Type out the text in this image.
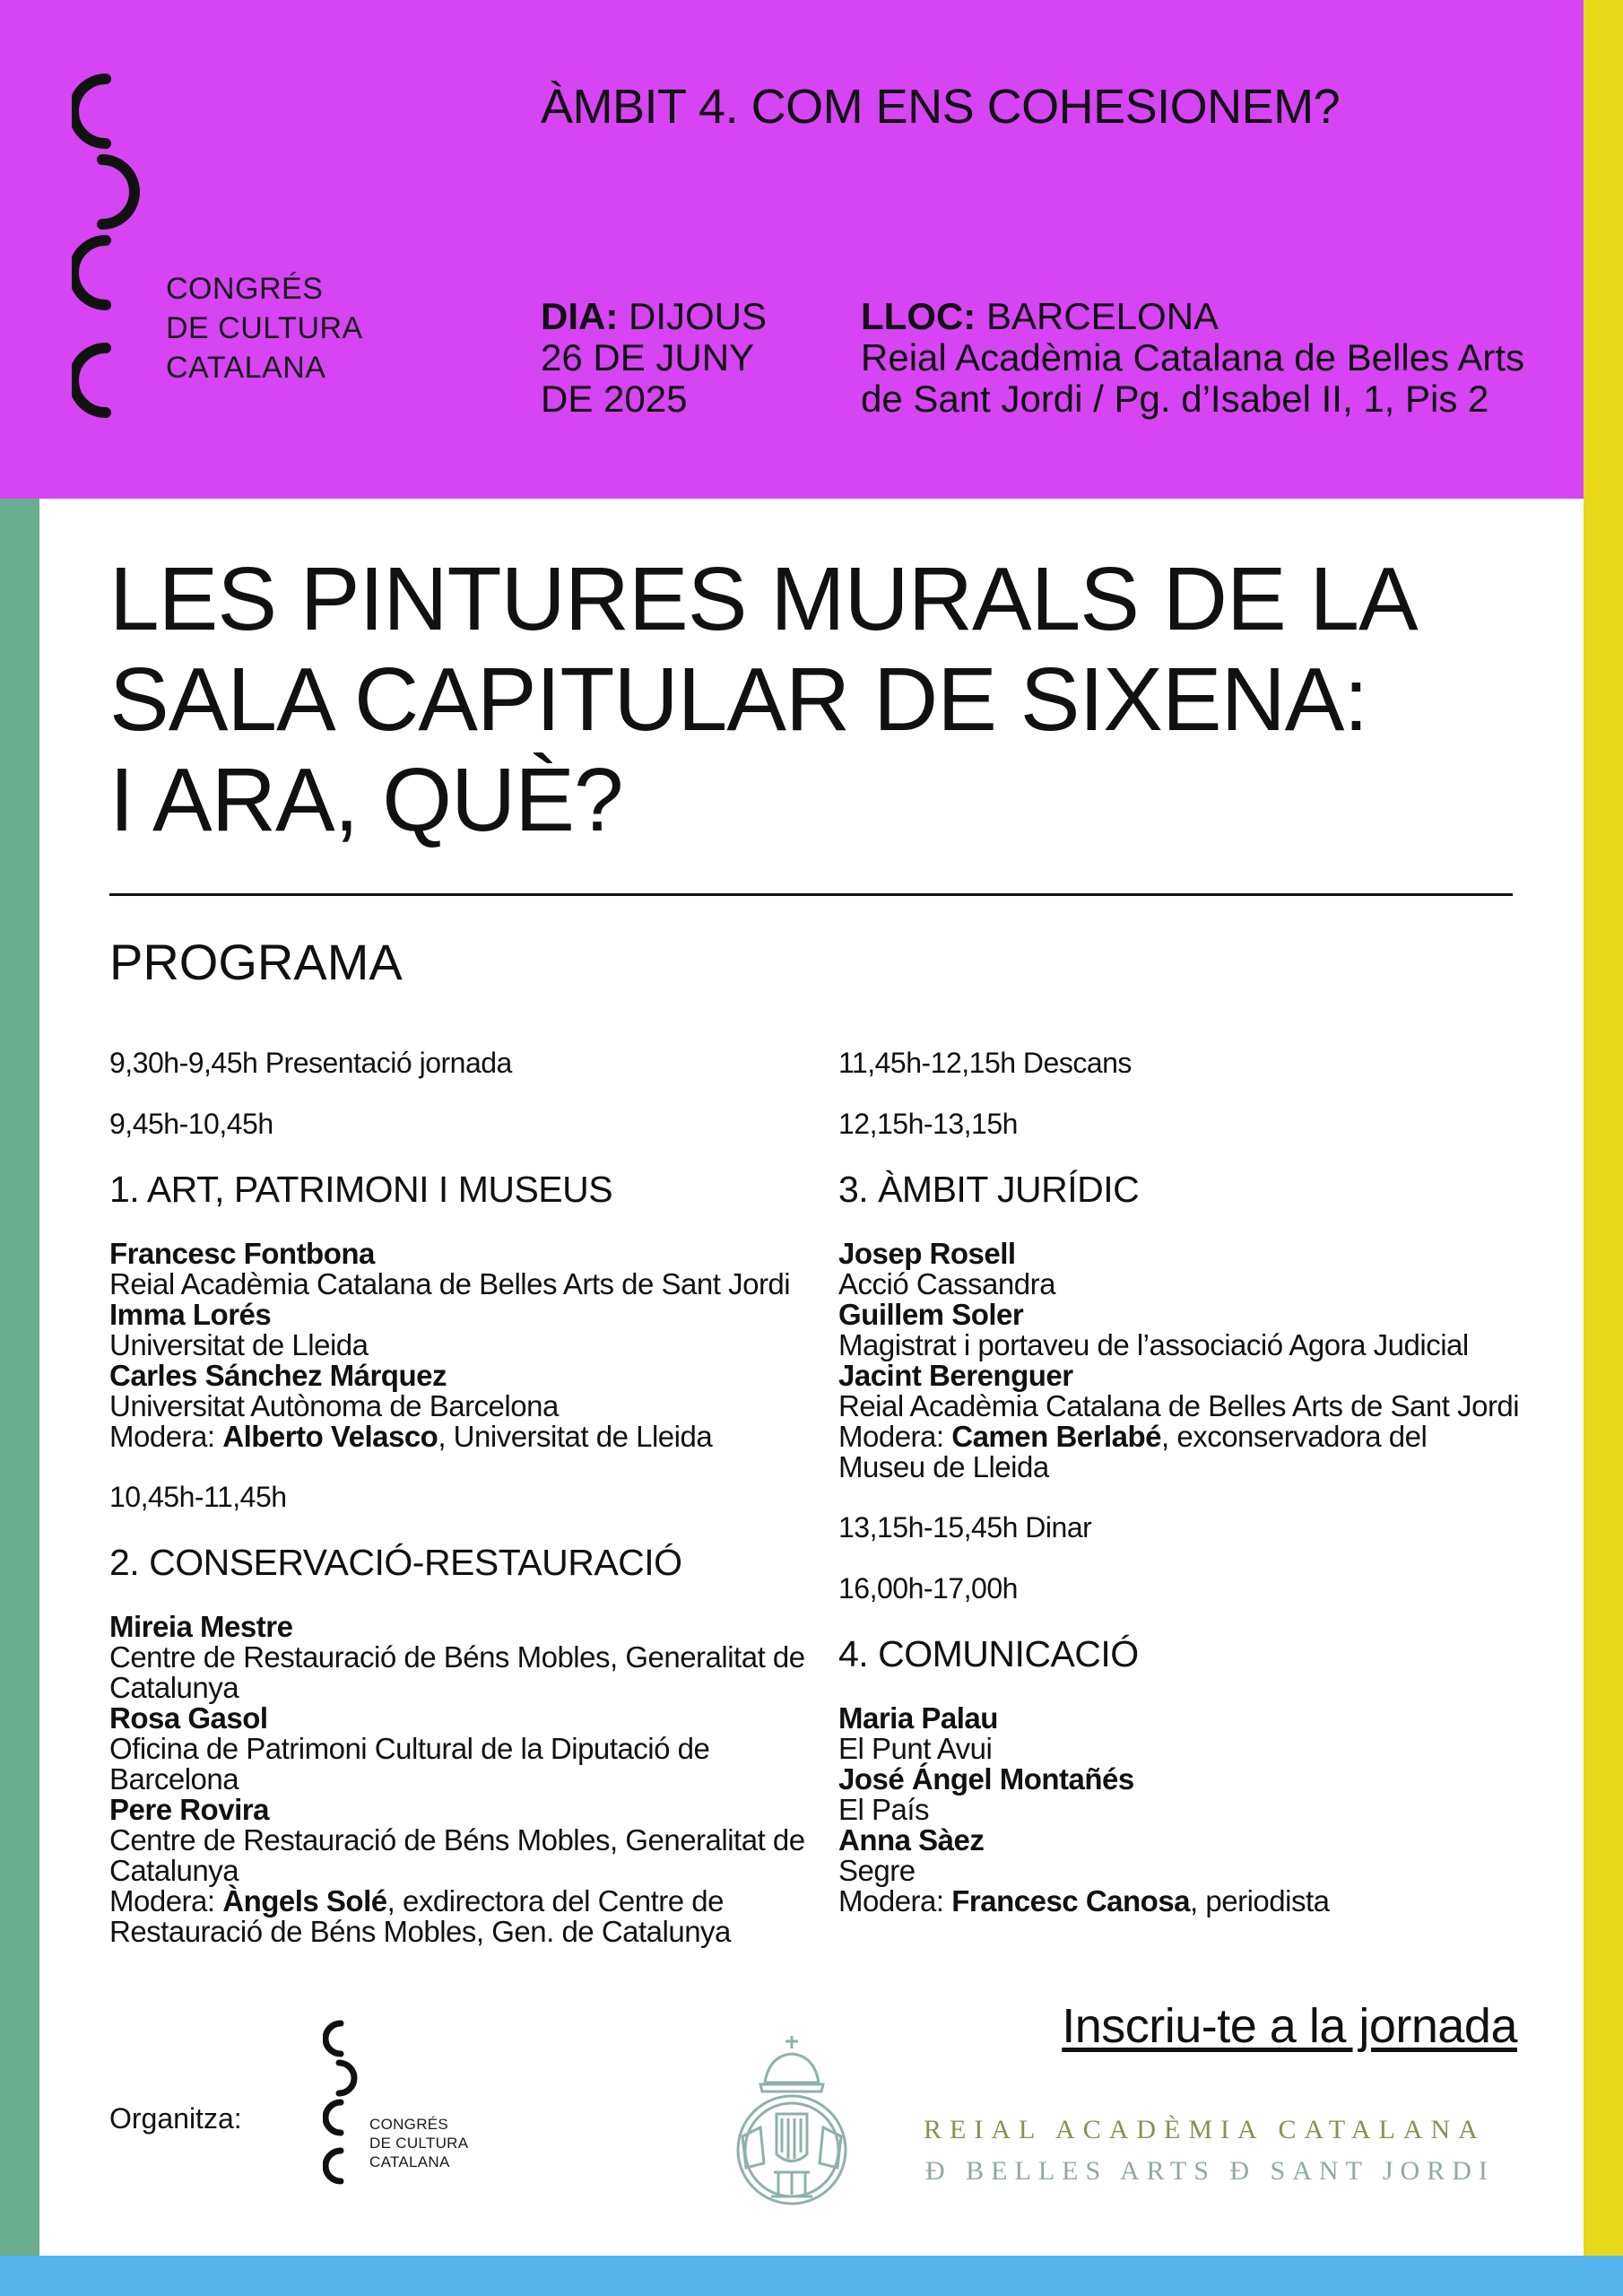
CONGRÉS
DE CULTURA
CATALANA
ÀMBIT 4. COM ENS COHESIONEM?
DIA: DIJOUS
26 DE JUNY
DE 2025
LLOC: BARCELONA
Reial Acadèmia Catalana de Belles Arts
de Sant Jordi / Pg. d’Isabel II, 1, Pis 2
LES PINTURES MURALS DE LA
SALA CAPITULAR DE SIXENA:
I ARA, QUÈ?
PROGRAMA
9,30h-9,45h Presentació jornada
9,45h-10,45h
1. ART, PATRIMONI I MUSEUS
Francesc Fontbona
Reial Acadèmia Catalana de Belles Arts de Sant Jordi
Imma Lorés
Universitat de Lleida
Carles Sánchez Márquez
Universitat Autònoma de Barcelona
Modera: Alberto Velasco, Universitat de Lleida
10,45h-11,45h
2. CONSERVACIÓ-RESTAURACIÓ
Mireia Mestre
Centre de Restauració de Béns Mobles, Generalitat de Catalunya
Rosa Gasol
Oficina de Patrimoni Cultural de la Diputació de Barcelona
Pere Rovira
Centre de Restauració de Béns Mobles, Generalitat de Catalunya
Modera: Àngels Solé, exdirectora del Centre de Restauració de Béns Mobles, Gen. de Catalunya
11,45h-12,15h Descans
12,15h-13,15h
3. ÀMBIT JURÍDIC
Josep Rosell
Acció Cassandra
Guillem Soler
Magistrat i portaveu de l’associació Agora Judicial
Jacint Berenguer
Reial Acadèmia Catalana de Belles Arts de Sant Jordi
Modera: Camen Berlabé, exconservadora del Museu de Lleida
13,15h-15,45h Dinar
16,00h-17,00h
4. COMUNICACIÓ
Maria Palau
El Punt Avui
José Ángel Montañés
El País
Anna Sàez
Segre
Modera: Francesc Canosa, periodista
Inscriu-te a la jornada
Organitza:	CONGRÉS
DE CULTURA
CATALANA
REIAL ACADÈMIA CATALANA
Ð BELLES ARTS Ð SANT JORDI
